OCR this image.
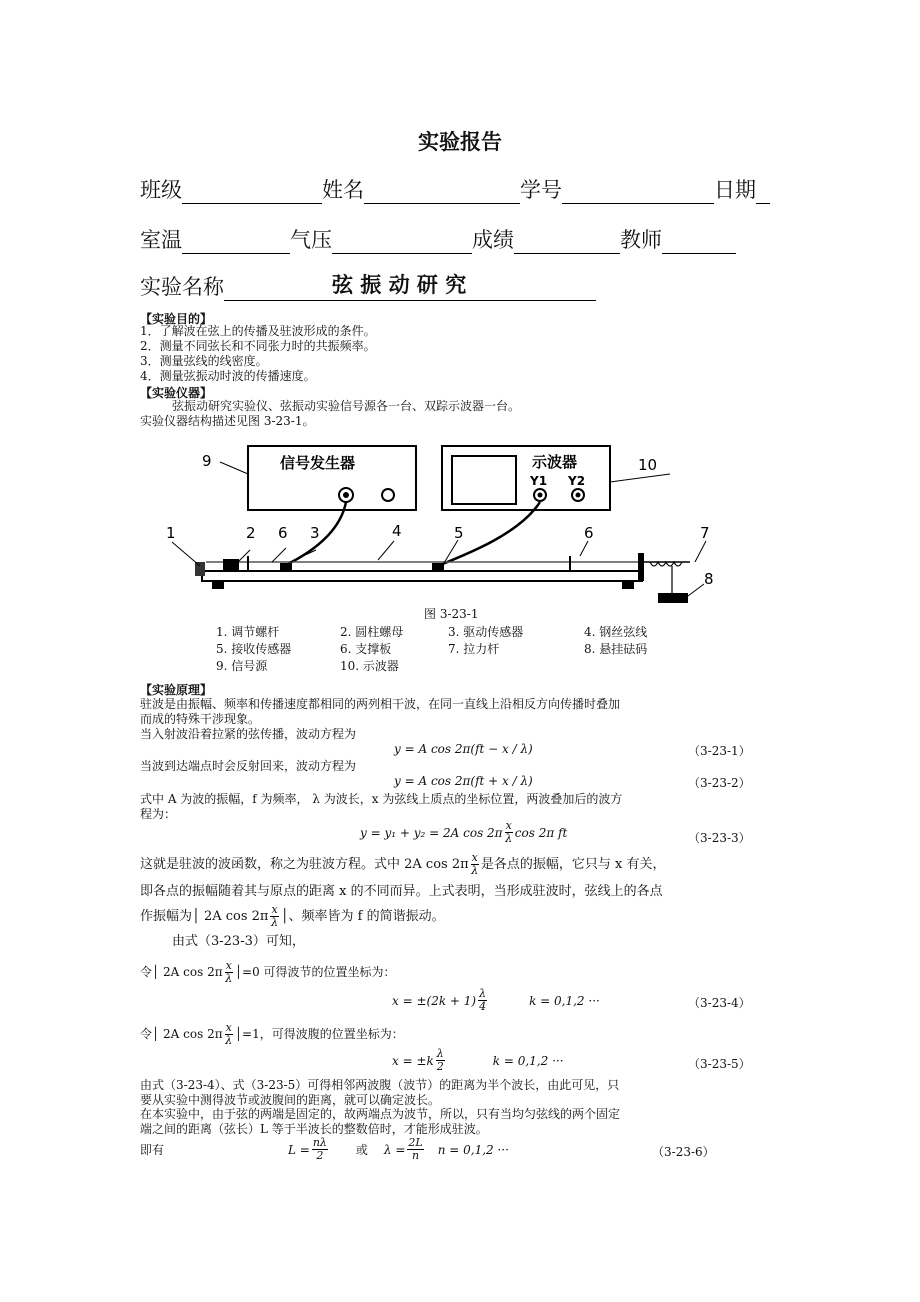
实验报告
班级	姓名	学号	日期
室温	气压	成绩	教师
实验名称	弦 振 动 研 究
【实验目的】
1．了解波在弦上的传播及驻波形成的条件。
2．测量不同弦长和不同张力时的共振频率。
3．测量弦线的线密度。
4．测量弦振动时波的传播速度。
【实验仪器】
弦振动研究实验仪、弦振动实验信号源各一台、双踪示波器一台。
实验仪器结构描述见图 3-23-1。
信号发生器	示波器
Y1 Y2
9	10
1	2 6 3	4	5	6	7
8
图 3-23-1
1. 调节螺杆	2. 圆柱螺母	3. 驱动传感器	4. 钢丝弦线
5. 接收传感器	6. 支撑板	7. 拉力杆	8. 悬挂砝码
9. 信号源	10. 示波器
【实验原理】
驻波是由振幅、频率和传播速度都相同的两列相干波，在同一直线上沿相反方向传播时叠加
而成的特殊干涉现象。
当入射波沿着拉紧的弦传播，波动方程为
y = A cos 2π(ft − x / λ)	（3-23-1）
当波到达端点时会反射回来，波动方程为
y = A cos 2π(ft + x / λ)	（3-23-2）
式中 A 为波的振幅，f 为频率， λ 为波长，x 为弦线上质点的坐标位置，两波叠加后的波方
程为：
y = y₁ + y₂ = 2A $\cos 2\pi \frac{x}{\lambda}$ cos 2π ft	（3-23-3）
这就是驻波的波函数，称之为驻波方程。式中 2A $\cos 2\pi \frac{x}{\lambda}$ 是各点的振幅，它只与 x 有关，
即各点的振幅随着其与原点的距离 x 的不同而异。上式表明，当形成驻波时，弦线上的各点
作振幅为│ 2A $\cos 2\pi \frac{x}{\lambda}$ │、频率皆为 f 的简谐振动。
由式（3-23-3）可知，
令│ 2A $\cos 2\pi \frac{x}{\lambda}$ │=0 可得波节的位置坐标为：
$x = \pm(2k + 1) \frac{\lambda}{4}$	k = 0,1,2 ···	（3-23-4）
令│ 2A $\cos 2\pi \frac{x}{\lambda}$ │=1，可得波腹的位置坐标为：
$x = \pm k \frac{\lambda}{2}$	k = 0,1,2 ···	（3-23-5）
由式（3-23-4）、式（3-23-5）可得相邻两波腹（波节）的距离为半个波长，由此可见，只
要从实验中测得波节或波腹间的距离，就可以确定波长。
在本实验中，由于弦的两端是固定的，故两端点为波节，所以，只有当均匀弦线的两个固定
端之间的距离（弦长）L 等于半波长的整数倍时，才能形成驻波。
即有	$L = \frac{n\lambda}{2}$ 或 $\lambda = \frac{2L}{n}$ n = 0,1,2 ···	（3-23-6）
